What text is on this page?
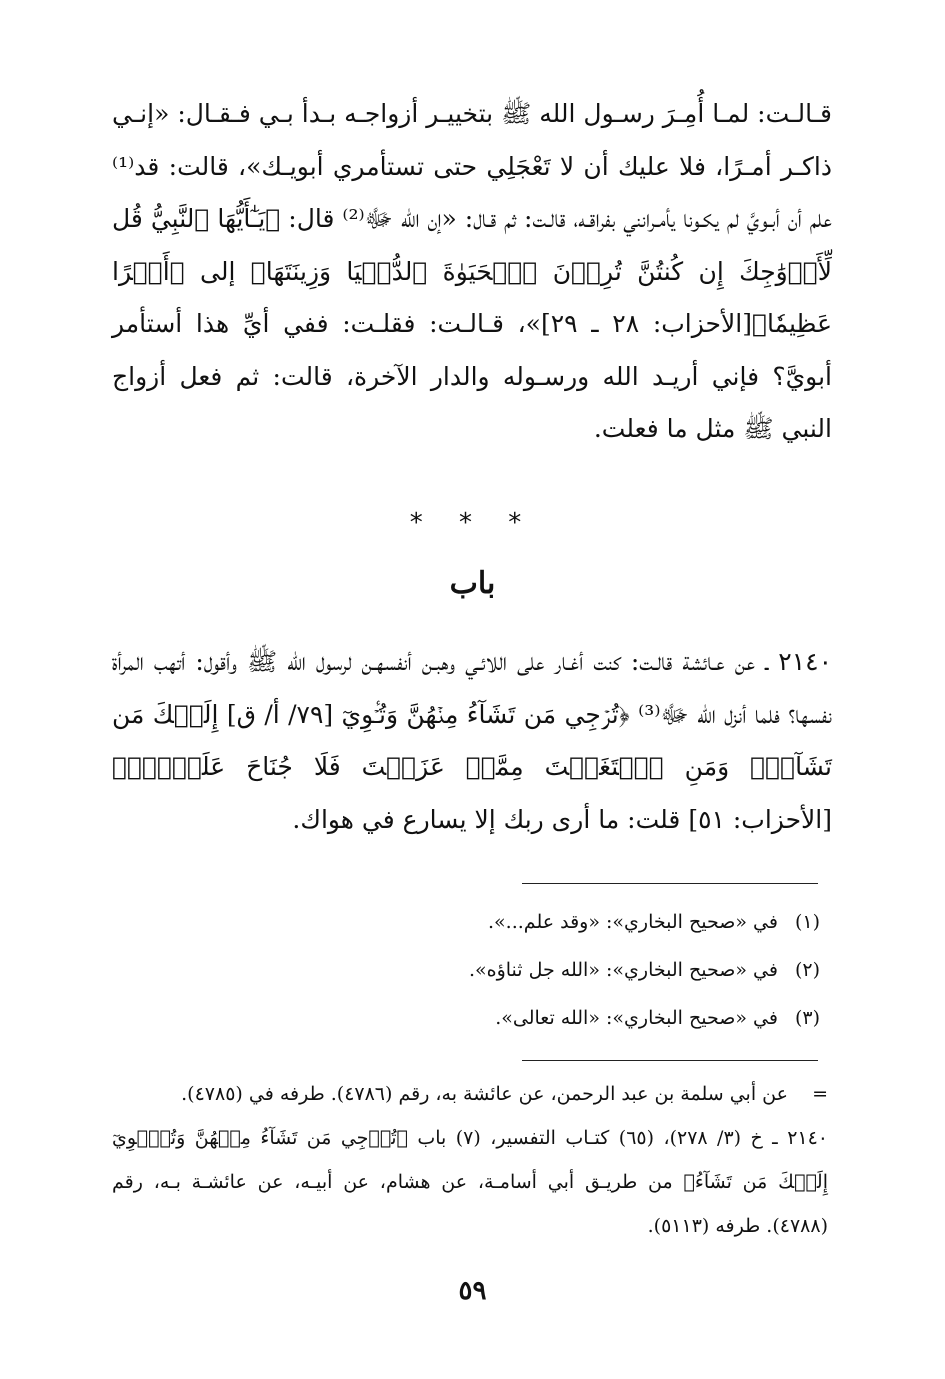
قـالـت: لمـا أُمِـرَ رسـول الله ﷺ بتخييـر أزواجـه بـدأ بـي فـقـال: «إنـي ذاكـر أمـرًا، فلا عليك أن لا تَعْجَلِي حتى تستأمري أبويـك»، قالت: قد⁽¹⁾ علم أن أبـويَّ لم يكـونا يأمـرانني بفراقـه، قالـت: ثم قـال: «إن الله ﷻ⁽²⁾ قال: ﴿يَـٰٓأَيُّهَا ٱلنَّبِيُّ قُل لِّأَزۡوَٰجِكَ إِن كُنتُنَّ تُرِدۡنَ ٱلۡحَيَوٰةَ ٱلدُّنۡيَا وَزِينَتَهَا﴾ إلى ﴿أَجۡرًا عَظِيمٗا﴾[الأحزاب: ٢٨ ـ ٢٩]»، قـالـت: فقلـت: ففي أيِّ هذا أستأمر أبويَّ؟ فإني أريـد الله ورسـوله والدار الآخرة، قالت: ثم فعل أزواج النبي ﷺ مثل ما فعلت.

* * *
باب

٢١٤٠ ـ عن عـائشة قالـت: كنت أغـار على اللائـي وهبـن أنفسهـن لرسول الله ﷺ وأقول: أتهب المرأة نفسها؟ فلما أنزل الله ﷻ⁽³⁾ ﴿تُرۡجِي مَن تَشَآءُ مِنۡهُنَّ وَتُـٔۡوِيٓ [٧٩/ أ/ ق] إِلَيۡكَ مَن تَشَآءُۖ وَمَنِ ٱبۡتَغَيۡتَ مِمَّنۡ عَزَلۡتَ فَلَا جُنَاحَ عَلَيۡكَۚ﴾ [الأحزاب: ٥١] قلت: ما أرى ربك إلا يسارع في هواك.

(١) في «صحيح البخاري»: «وقد علم...».
(٢) في «صحيح البخاري»: «الله جل ثناؤه».
(٣) في «صحيح البخاري»: «الله تعالى».

= عن أبي سلمة بن عبد الرحمن، عن عائشة به، رقم (٤٧٨٦). طرفه في (٤٧٨٥).

٢١٤٠ ـ خ (٣/ ٢٧٨)، (٦٥) كتـاب التفسير، (٧) باب ﴿تُرۡجِي مَن تَشَآءُ مِنۡهُنَّ وَتُـٔۡوِيٓ إِلَيۡكَ مَن تَشَآءُ﴾ من طريـق أبي أسامـة، عن هشام، عن أبيـه، عن عائشـة بـه، رقم (٤٧٨٨). طرفه (٥١١٣).

٥٩
